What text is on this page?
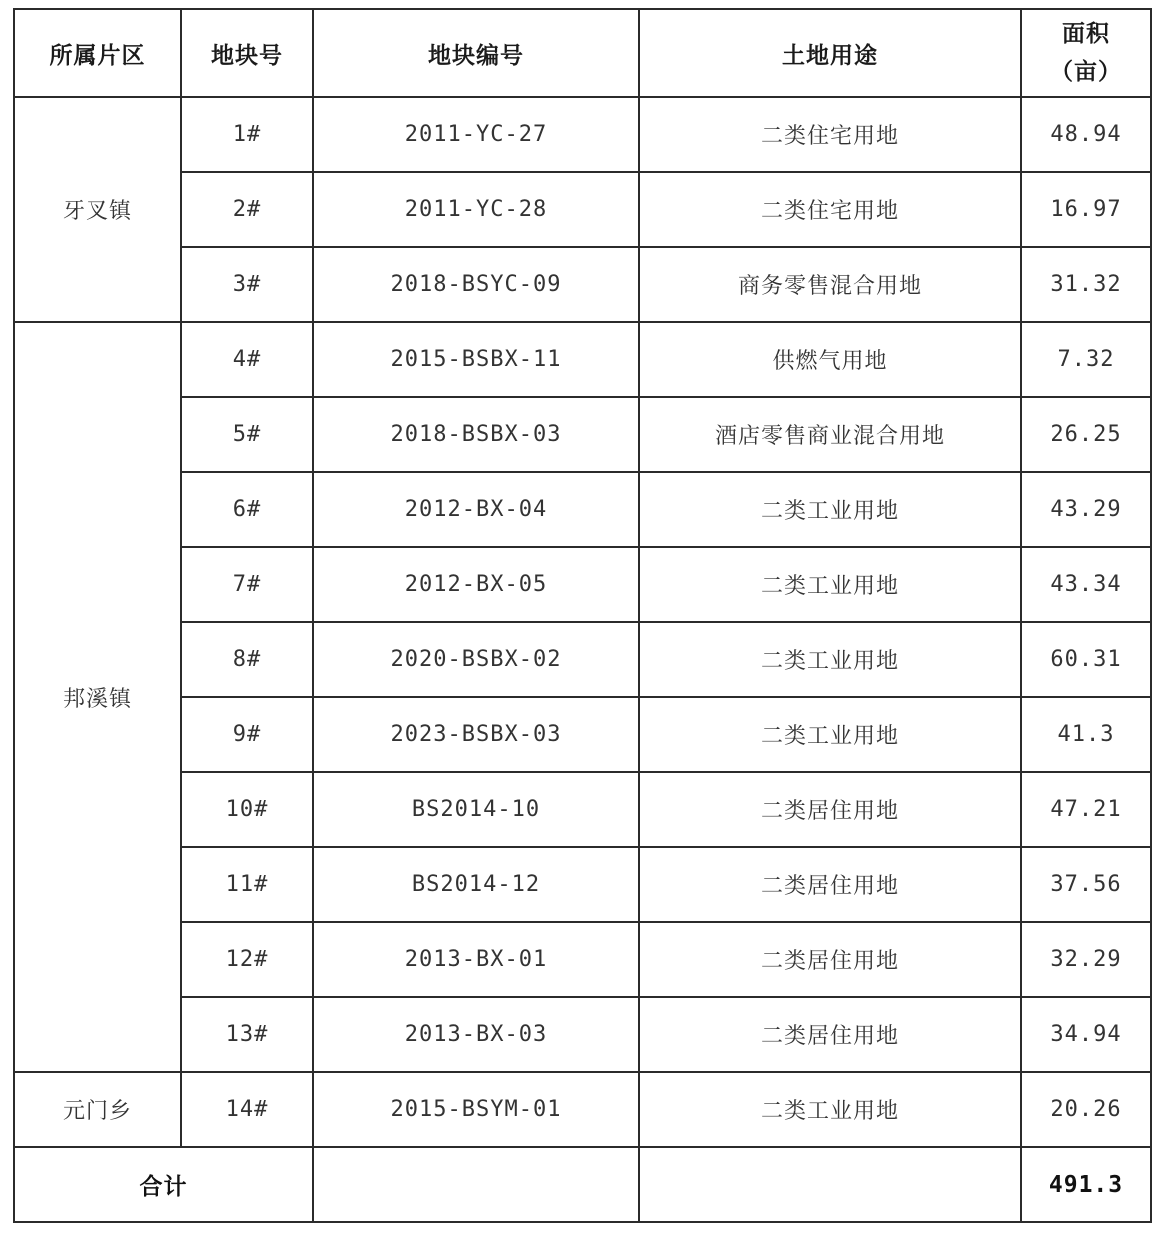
所属片区	地块号	地块编号	土地用途	面积
（亩）

牙叉镇	1#	2011-YC-27	二类住宅用地	48.94
	2#	2011-YC-28	二类住宅用地	16.97
	3#	2018-BSYC-09	商务零售混合用地	31.32
邦溪镇	4#	2015-BSBX-11	供燃气用地	7.32
	5#	2018-BSBX-03	酒店零售商业混合用地	26.25
	6#	2012-BX-04	二类工业用地	43.29
	7#	2012-BX-05	二类工业用地	43.34
	8#	2020-BSBX-02	二类工业用地	60.31
	9#	2023-BSBX-03	二类工业用地	41.3
	10#	BS2014-10	二类居住用地	47.21
	11#	BS2014-12	二类居住用地	37.56
	12#	2013-BX-01	二类居住用地	32.29
	13#	2013-BX-03	二类居住用地	34.94
元门乡	14#	2015-BSYM-01	二类工业用地	20.26
合计				491.3
